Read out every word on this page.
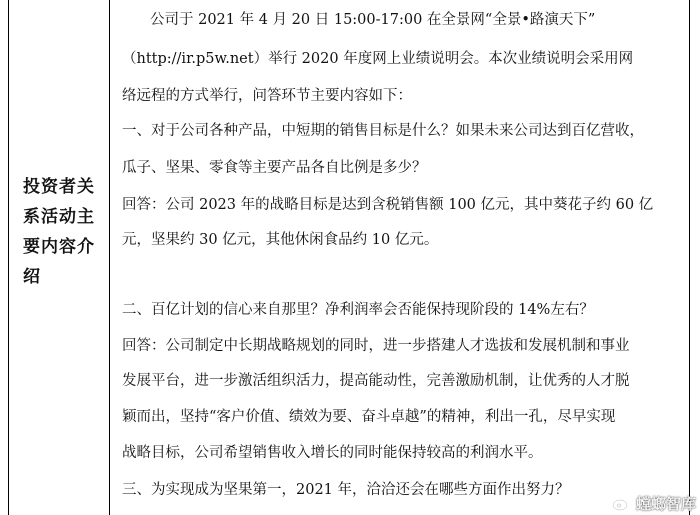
投资者关
系活动主
要内容介
绍
公司于 2021 年 4 月 20 日 15:00-17:00 在全景网“全景•路演天下”
（http://ir.p5w.net）举行 2020 年度网上业绩说明会。本次业绩说明会采用网
络远程的方式举行，问答环节主要内容如下：
一、对于公司各种产品，中短期的销售目标是什么？如果未来公司达到百亿营收，
瓜子、坚果、零食等主要产品各自比例是多少？
回答：公司 2023 年的战略目标是达到含税销售额 100 亿元，其中葵花子约 60 亿
元，坚果约 30 亿元，其他休闲食品约 10 亿元。
二、百亿计划的信心来自那里？净利润率会否能保持现阶段的 14%左右？
回答：公司制定中长期战略规划的同时，进一步搭建人才选拔和发展机制和事业
发展平台，进一步激活组织活力，提高能动性，完善激励机制，让优秀的人才脱
颖而出，坚持“客户价值、绩效为要、奋斗卓越”的精神，利出一孔，尽早实现
战略目标，公司希望销售收入增长的同时能保持较高的利润水平。
三、为实现成为坚果第一，2021 年，洽洽还会在哪些方面作出努力？
螳螂智库
